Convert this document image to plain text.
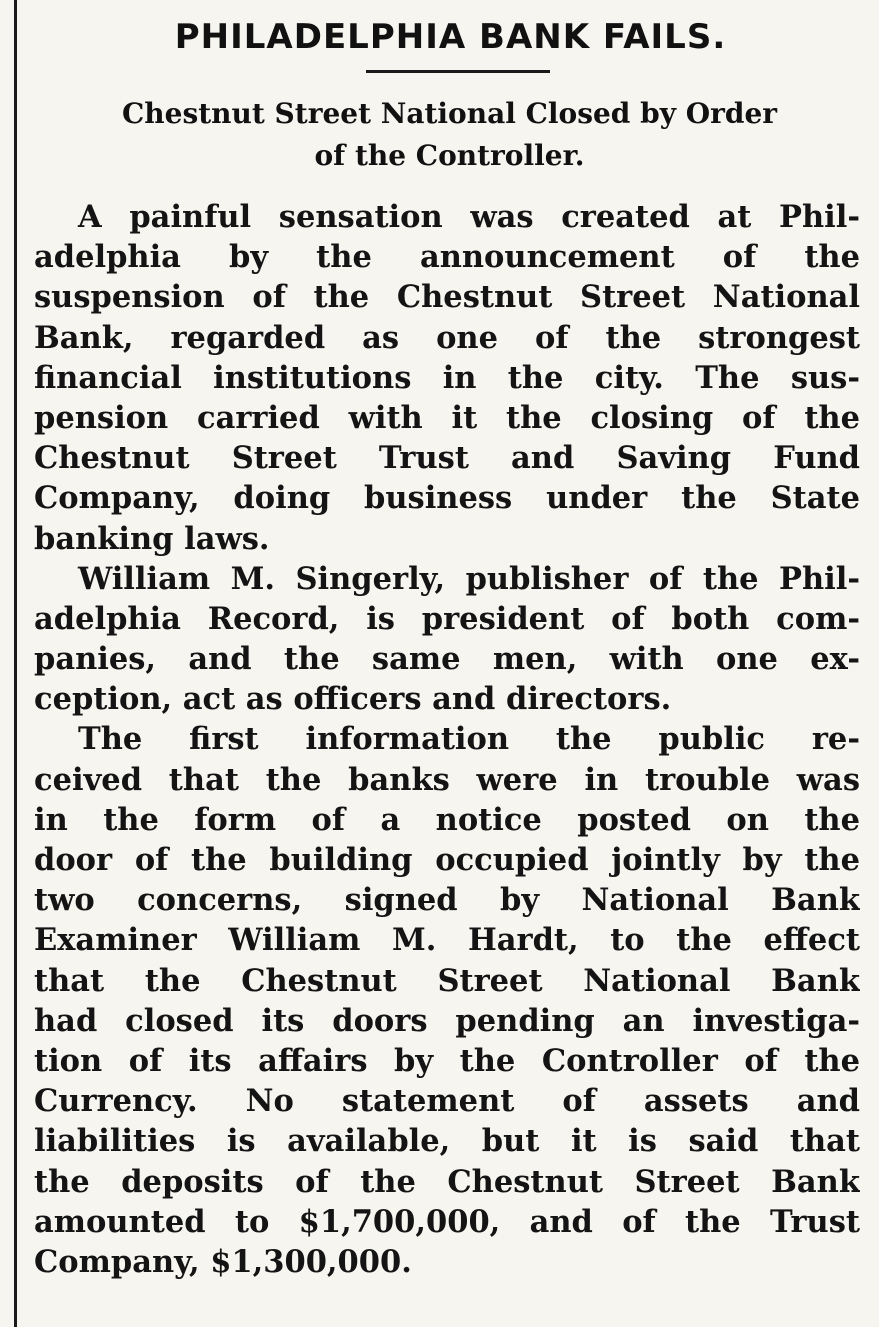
PHILADELPHIA BANK FAILS.
Chestnut Street National Closed by Order
of the Controller.
A painful sensation was created at Phil-
adelphia by the announcement of the
suspension of the Chestnut Street National
Bank, regarded as one of the strongest
financial institutions in the city. The sus-
pension carried with it the closing of the
Chestnut Street Trust and Saving Fund
Company, doing business under the State
banking laws.
William M. Singerly, publisher of the Phil-
adelphia Record, is president of both com-
panies, and the same men, with one ex-
ception, act as officers and directors.
The first information the public re-
ceived that the banks were in trouble was
in the form of a notice posted on the
door of the building occupied jointly by the
two concerns, signed by National Bank
Examiner William M. Hardt, to the effect
that the Chestnut Street National Bank
had closed its doors pending an investiga-
tion of its affairs by the Controller of the
Currency. No statement of assets and
liabilities is available, but it is said that
the deposits of the Chestnut Street Bank
amounted to $1,700,000, and of the Trust
Company, $1,300,000.
